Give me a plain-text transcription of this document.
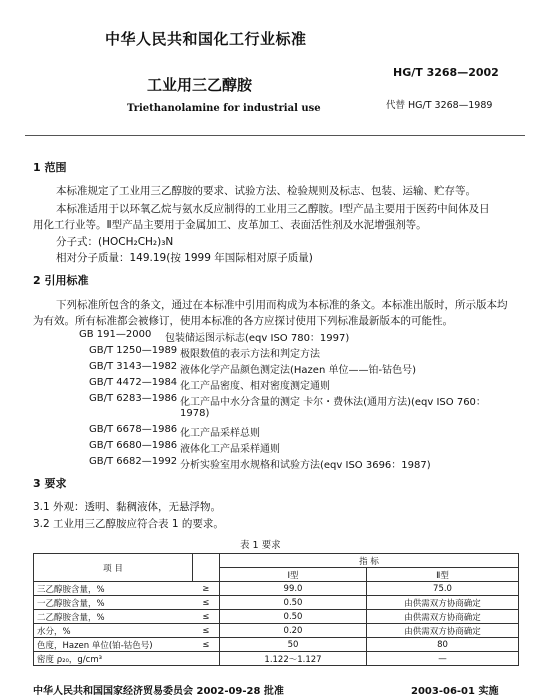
中华人民共和国化工行业标准
HG/T 3268—2002
工业用三乙醇胺
Triethanolamine for industrial use	代替 HG/T 3268—1989
1 范围
本标准规定了工业用三乙醇胺的要求、试验方法、检验规则及标志、包装、运输、贮存等。
本标准适用于以环氧乙烷与氨水反应制得的工业用三乙醇胺。Ⅰ型产品主要用于医药中间体及日
用化工行业等。Ⅱ型产品主要用于金属加工、皮革加工、表面活性剂及水泥增强剂等。
分子式：(HOCH₂CH₂)₃N
相对分子质量：149.19(按 1999 年国际相对原子质量)
2 引用标准
下列标准所包含的条文，通过在本标准中引用而构成为本标准的条文。本标准出版时，所示版本均
为有效。所有标准都会被修订，使用本标准的各方应探讨使用下列标准最新版本的可能性。
GB 191—2000 包装储运图示标志(eqv ISO 780：1997)
GB/T 1250—1989 极限数值的表示方法和判定方法
GB/T 3143—1982 液体化学产品颜色测定法(Hazen 单位——铂-钴色号)
GB/T 4472—1984 化工产品密度、相对密度测定通则
GB/T 6283—1986 化工产品中水分含量的测定 卡尔・费休法(通用方法)(eqv ISO 760：
1978)
GB/T 6678—1986 化工产品采样总则
GB/T 6680—1986 液体化工产品采样通则
GB/T 6682—1992 分析实验室用水规格和试验方法(eqv ISO 3696：1987)
3 要求
3.1 外观：透明、黏稠液体，无悬浮物。
3.2 工业用三乙醇胺应符合表 1 的要求。
表 1 要求
项 目		指 标	
		Ⅰ型	Ⅱ型
三乙醇胺含量，%	≥	99.0	75.0
一乙醇胺含量，%	≤	0.50	由供需双方协商确定
二乙醇胺含量，%	≤	0.50	由供需双方协商确定
水分，%	≤	0.20	由供需双方协商确定
色度，Hazen 单位(铂-钴色号)	≤	50	80
密度 ρ₂₀，g/cm³		1.122～1.127	—
中华人民共和国国家经济贸易委员会 2002-09-28 批准	2003-06-01 实施
